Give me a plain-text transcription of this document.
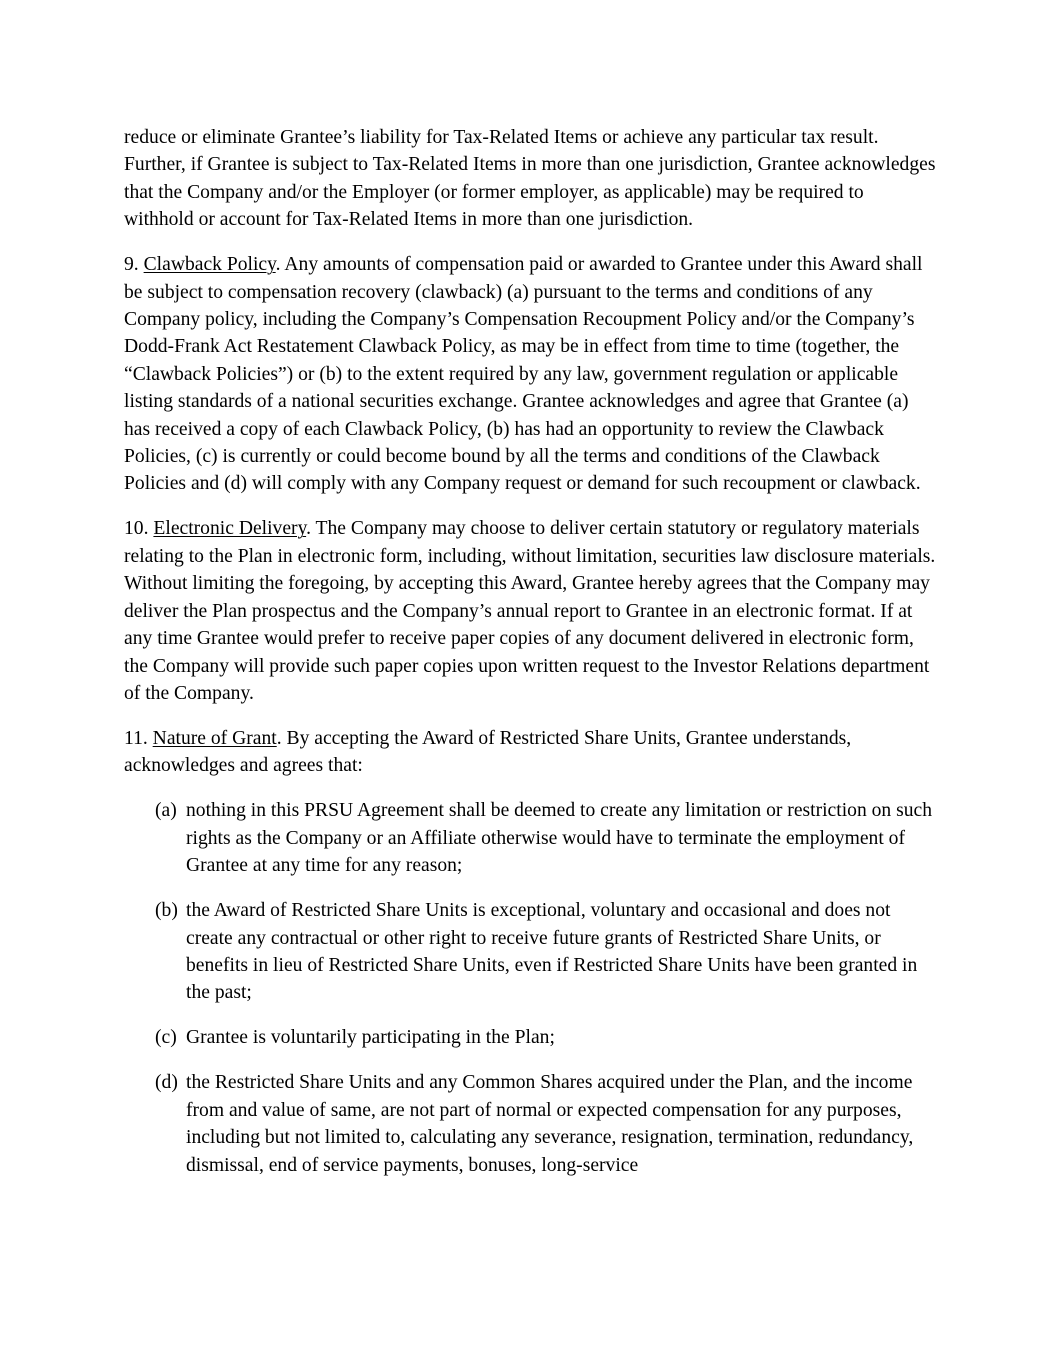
reduce or eliminate Grantee’s liability for Tax-Related Items or achieve any particular tax result. Further, if Grantee is subject to Tax-Related Items in more than one jurisdiction, Grantee acknowledges that the Company and/or the Employer (or former employer, as applicable) may be required to withhold or account for Tax-Related Items in more than one jurisdiction.

9. Clawback Policy. Any amounts of compensation paid or awarded to Grantee under this Award shall be subject to compensation recovery (clawback) (a) pursuant to the terms and conditions of any Company policy, including the Company’s Compensation Recoupment Policy and/or the Company’s Dodd-Frank Act Restatement Clawback Policy, as may be in effect from time to time (together, the “Clawback Policies”) or (b) to the extent required by any law, government regulation or applicable listing standards of a national securities exchange. Grantee acknowledges and agree that Grantee (a) has received a copy of each Clawback Policy, (b) has had an opportunity to review the Clawback Policies, (c) is currently or could become bound by all the terms and conditions of the Clawback Policies and (d) will comply with any Company request or demand for such recoupment or clawback.

10. Electronic Delivery. The Company may choose to deliver certain statutory or regulatory materials relating to the Plan in electronic form, including, without limitation, securities law disclosure materials. Without limiting the foregoing, by accepting this Award, Grantee hereby agrees that the Company may deliver the Plan prospectus and the Company’s annual report to Grantee in an electronic format. If at any time Grantee would prefer to receive paper copies of any document delivered in electronic form, the Company will provide such paper copies upon written request to the Investor Relations department of the Company.

11. Nature of Grant. By accepting the Award of Restricted Share Units, Grantee understands, acknowledges and agrees that:

(a) nothing in this PRSU Agreement shall be deemed to create any limitation or restriction on such rights as the Company or an Affiliate otherwise would have to terminate the employment of Grantee at any time for any reason;
(b) the Award of Restricted Share Units is exceptional, voluntary and occasional and does not create any contractual or other right to receive future grants of Restricted Share Units, or benefits in lieu of Restricted Share Units, even if Restricted Share Units have been granted in the past;
(c) Grantee is voluntarily participating in the Plan;
(d) the Restricted Share Units and any Common Shares acquired under the Plan, and the income from and value of same, are not part of normal or expected compensation for any purposes, including but not limited to, calculating any severance, resignation, termination, redundancy, dismissal, end of service payments, bonuses, long-service
